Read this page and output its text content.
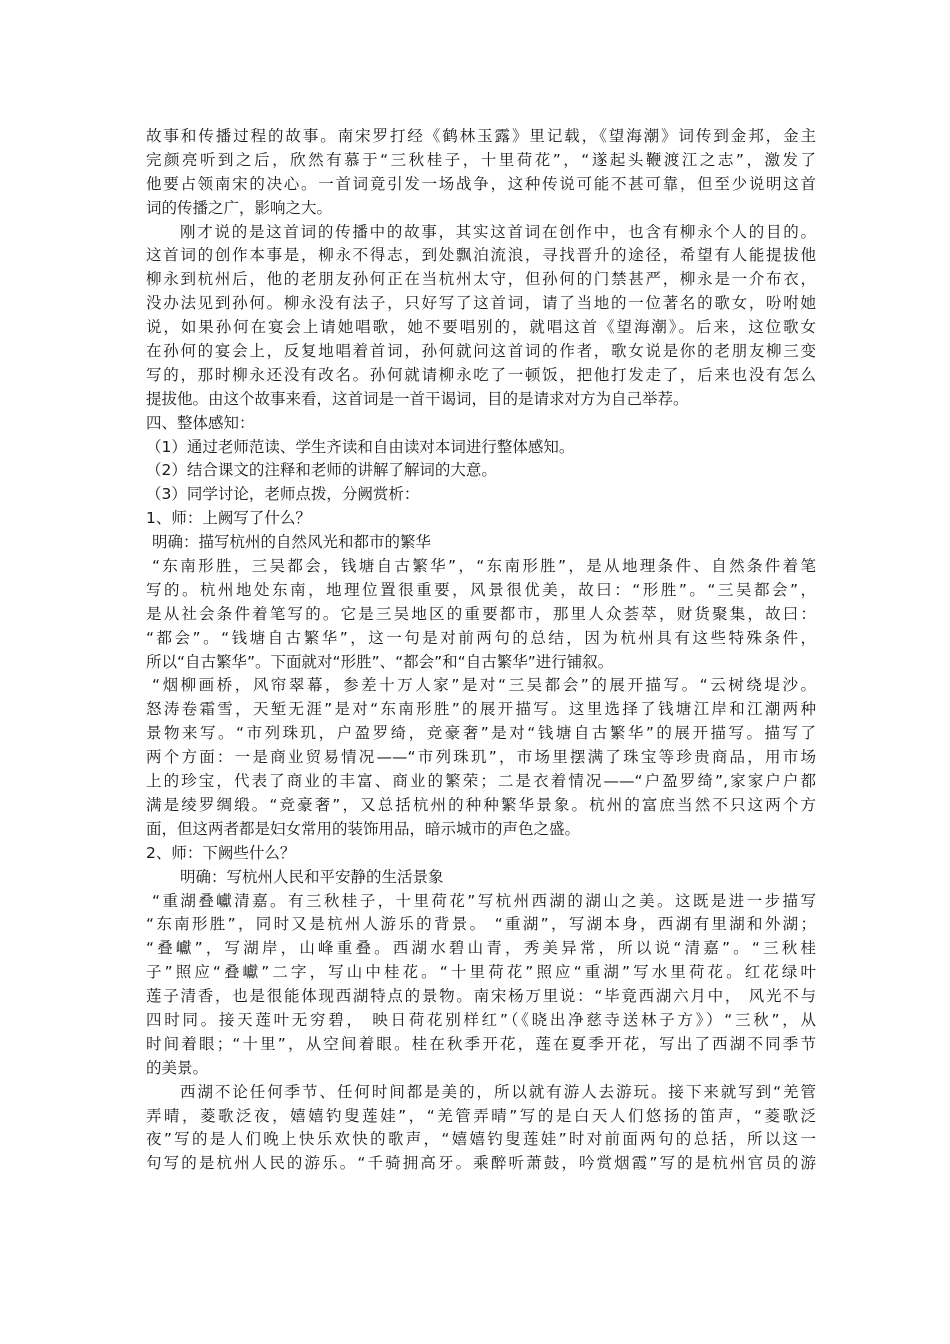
故事和传播过程的故事。南宋罗打经《鹤林玉露》里记载，《望海潮》词传到金邦，金主
完颜亮听到之后，欣然有慕于“三秋桂子，十里荷花”，“遂起头鞭渡江之志”，激发了
他要占领南宋的决心。一首词竟引发一场战争，这种传说可能不甚可靠，但至少说明这首
词的传播之广，影响之大。
刚才说的是这首词的传播中的故事，其实这首词在创作中，也含有柳永个人的目的。
这首词的创作本事是，柳永不得志，到处飘泊流浪，寻找晋升的途径，希望有人能提拔他
柳永到杭州后，他的老朋友孙何正在当杭州太守，但孙何的门禁甚严，柳永是一介布衣，
没办法见到孙何。柳永没有法子，只好写了这首词，请了当地的一位著名的歌女，吩咐她
说，如果孙何在宴会上请她唱歌，她不要唱别的，就唱这首《望海潮》。后来，这位歌女
在孙何的宴会上，反复地唱着首词，孙何就问这首词的作者，歌女说是你的老朋友柳三变
写的，那时柳永还没有改名。孙何就请柳永吃了一顿饭，把他打发走了，后来也没有怎么
提拔他。由这个故事来看，这首词是一首干谒词，目的是请求对方为自己举荐。
四、整体感知：
（1）通过老师范读、学生齐读和自由读对本词进行整体感知。
（2）结合课文的注释和老师的讲解了解词的大意。
（3）同学讨论，老师点拨，分阙赏析：
1、师：上阙写了什么？
明确：描写杭州的自然风光和都市的繁华
“东南形胜，三吴都会，钱塘自古繁华”，“东南形胜”，是从地理条件、自然条件着笔
写的。杭州地处东南，地理位置很重要，风景很优美，故曰：“形胜”。“三吴都会”，
是从社会条件着笔写的。它是三吴地区的重要都市，那里人众荟萃，财货聚集，故曰：
“都会”。“钱塘自古繁华”，这一句是对前两句的总结，因为杭州具有这些特殊条件，
所以“自古繁华”。下面就对“形胜”、“都会”和“自古繁华”进行铺叙。
“烟柳画桥，风帘翠幕，参差十万人家”是对“三吴都会”的展开描写。“云树绕堤沙。
怒涛卷霜雪，天堑无涯”是对“东南形胜”的展开描写。这里选择了钱塘江岸和江潮两种
景物来写。“市列珠玑，户盈罗绮，竞豪奢”是对“钱塘自古繁华”的展开描写。描写了
两个方面：一是商业贸易情况——“市列珠玑”，市场里摆满了珠宝等珍贵商品，用市场
上的珍宝，代表了商业的丰富、商业的繁荣；二是衣着情况——“户盈罗绮”,家家户户都
满是绫罗绸缎。“竞豪奢”，又总括杭州的种种繁华景象。杭州的富庶当然不只这两个方
面，但这两者都是妇女常用的装饰用品，暗示城市的声色之盛。
2、师：下阙些什么？
明确：写杭州人民和平安静的生活景象
“重湖叠巘清嘉。有三秋桂子，十里荷花”写杭州西湖的湖山之美。这既是进一步描写
“东南形胜”，同时又是杭州人游乐的背景。 “重湖”，写湖本身，西湖有里湖和外湖；
“叠巘”，写湖岸，山峰重叠。西湖水碧山青，秀美异常，所以说“清嘉”。“三秋桂
子”照应“叠巘”二字，写山中桂花。“十里荷花”照应“重湖”写水里荷花。红花绿叶
莲子清香，也是很能体现西湖特点的景物。南宋杨万里说：“毕竟西湖六月中， 风光不与
四时同。接天莲叶无穷碧， 映日荷花别样红”（《晓出净慈寺送林子方》）“三秋”，从
时间着眼；“十里”，从空间着眼。桂在秋季开花，莲在夏季开花，写出了西湖不同季节
的美景。
西湖不论任何季节、任何时间都是美的，所以就有游人去游玩。接下来就写到“羌管
弄晴，菱歌泛夜，嬉嬉钓叟莲娃”，“羌管弄晴”写的是白天人们悠扬的笛声，“菱歌泛
夜”写的是人们晚上快乐欢快的歌声，“嬉嬉钓叟莲娃”时对前面两句的总括，所以这一
句写的是杭州人民的游乐。“千骑拥高牙。乘醉听萧鼓，吟赏烟霞”写的是杭州官员的游
